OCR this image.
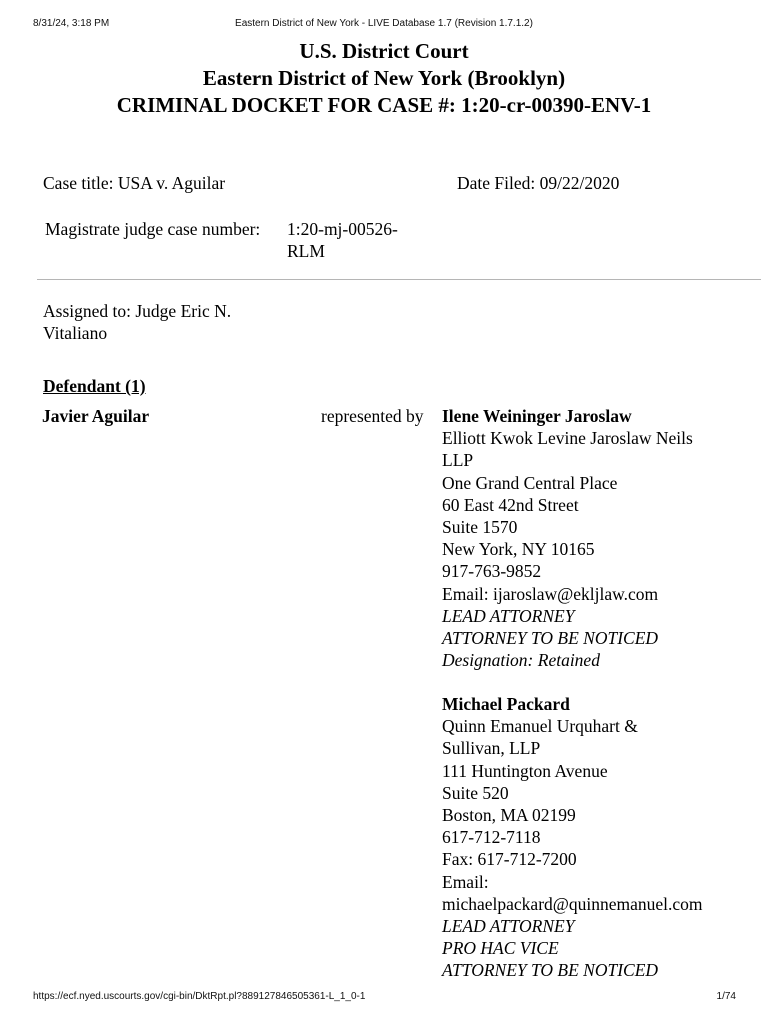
8/31/24, 3:18 PM	Eastern District of New York - LIVE Database 1.7 (Revision 1.7.1.2)
U.S. District Court
Eastern District of New York (Brooklyn)
CRIMINAL DOCKET FOR CASE #: 1:20-cr-00390-ENV-1
Case title: USA v. Aguilar	Date Filed: 09/22/2020
Magistrate judge case number: 1:20-mj-00526-
RLM
Assigned to: Judge Eric N.
Vitaliano
Defendant (1)
Javier Aguilar	represented by Ilene Weininger Jaroslaw
Elliott Kwok Levine Jaroslaw Neils
LLP
One Grand Central Place
60 East 42nd Street
Suite 1570
New York, NY 10165
917-763-9852
Email: ijaroslaw@ekljlaw.com
LEAD ATTORNEY
ATTORNEY TO BE NOTICED
Designation: Retained
Michael Packard
Quinn Emanuel Urquhart &
Sullivan, LLP
111 Huntington Avenue
Suite 520
Boston, MA 02199
617-712-7118
Fax: 617-712-7200
Email:
michaelpackard@quinnemanuel.com
LEAD ATTORNEY
PRO HAC VICE
ATTORNEY TO BE NOTICED
https://ecf.nyed.uscourts.gov/cgi-bin/DktRpt.pl?889127846505361-L_1_0-1	1/74
